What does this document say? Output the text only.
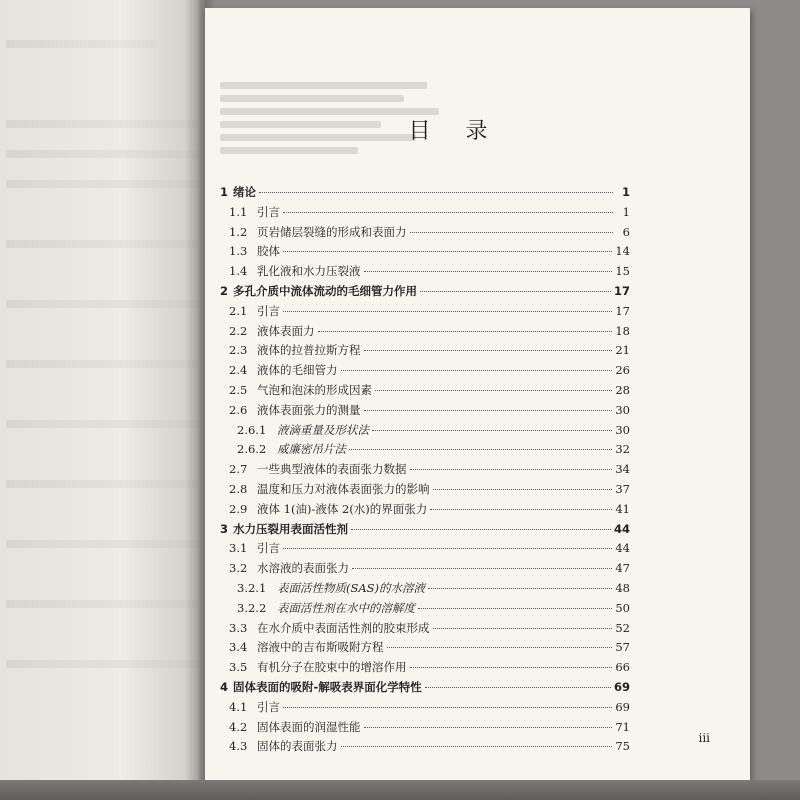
目 录
1 绪论	1
1.1 引言	1
1.2 页岩储层裂缝的形成和表面力	6
1.3 胶体	14
1.4 乳化液和水力压裂液	15
2 多孔介质中流体流动的毛细管力作用	17
2.1 引言	17
2.2 液体表面力	18
2.3 液体的拉普拉斯方程	21
2.4 液体的毛细管力	26
2.5 气泡和泡沫的形成因素	28
2.6 液体表面张力的测量	30
2.6.1 液滴重量及形状法	30
2.6.2 威廉密吊片法	32
2.7 一些典型液体的表面张力数据	34
2.8 温度和压力对液体表面张力的影响	37
2.9 液体 1(油)-液体 2(水)的界面张力	41
3 水力压裂用表面活性剂	44
3.1 引言	44
3.2 水溶液的表面张力	47
3.2.1 表面活性物质(SAS)的水溶液	48
3.2.2 表面活性剂在水中的溶解度	50
3.3 在水介质中表面活性剂的胶束形成	52
3.4 溶液中的吉布斯吸附方程	57
3.5 有机分子在胶束中的增溶作用	66
4 固体表面的吸附-解吸表界面化学特性	69
4.1 引言	69
4.2 固体表面的润湿性能	71
4.3 固体的表面张力	75
iii
